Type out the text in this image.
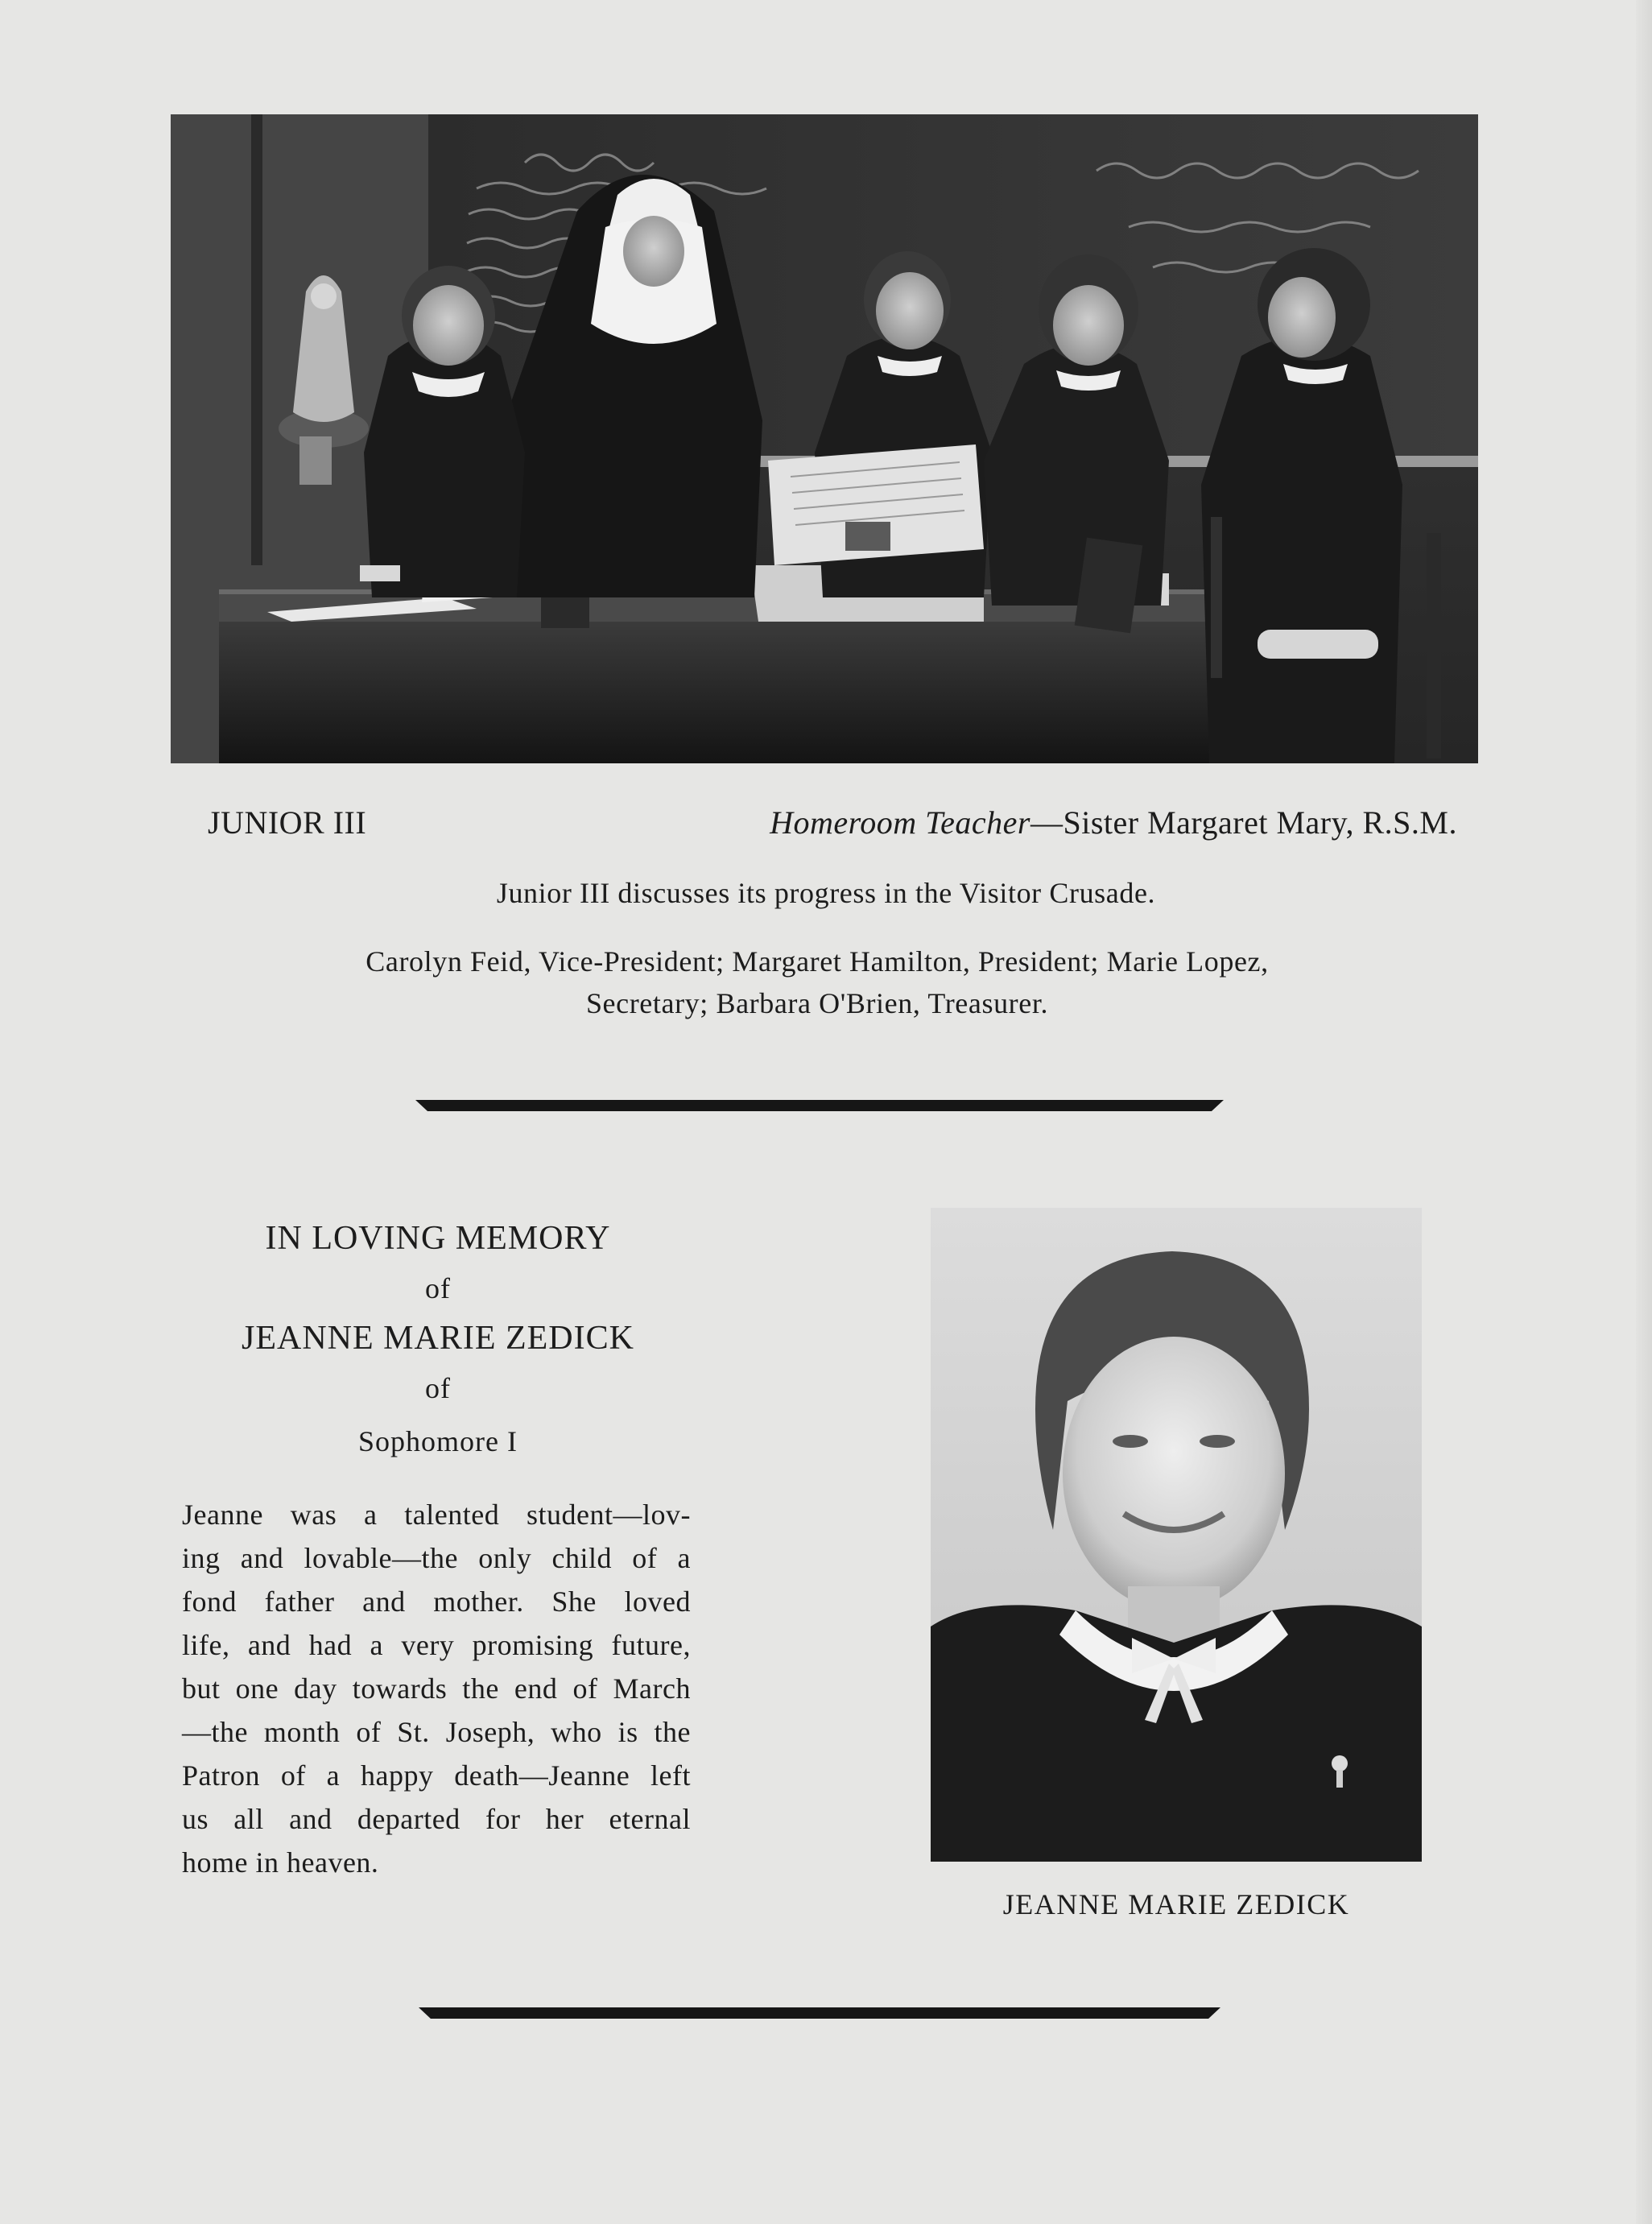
JUNIOR III	Homeroom Teacher—Sister Margaret Mary, R.S.M.
Junior III discusses its progress in the Visitor Crusade.
Carolyn Feid, Vice-President; Margaret Hamilton, President; Marie Lopez,
Secretary; Barbara O'Brien, Treasurer.
IN LOVING MEMORY
of
JEANNE MARIE ZEDICK
of
Sophomore I
Jeanne was a talented student—lov-
ing and lovable—the only child of a
fond father and mother. She loved
life, and had a very promising future,
but one day towards the end of March
—the month of St. Joseph, who is the
Patron of a happy death—Jeanne left
us all and departed for her eternal
home in heaven.
JEANNE MARIE ZEDICK
